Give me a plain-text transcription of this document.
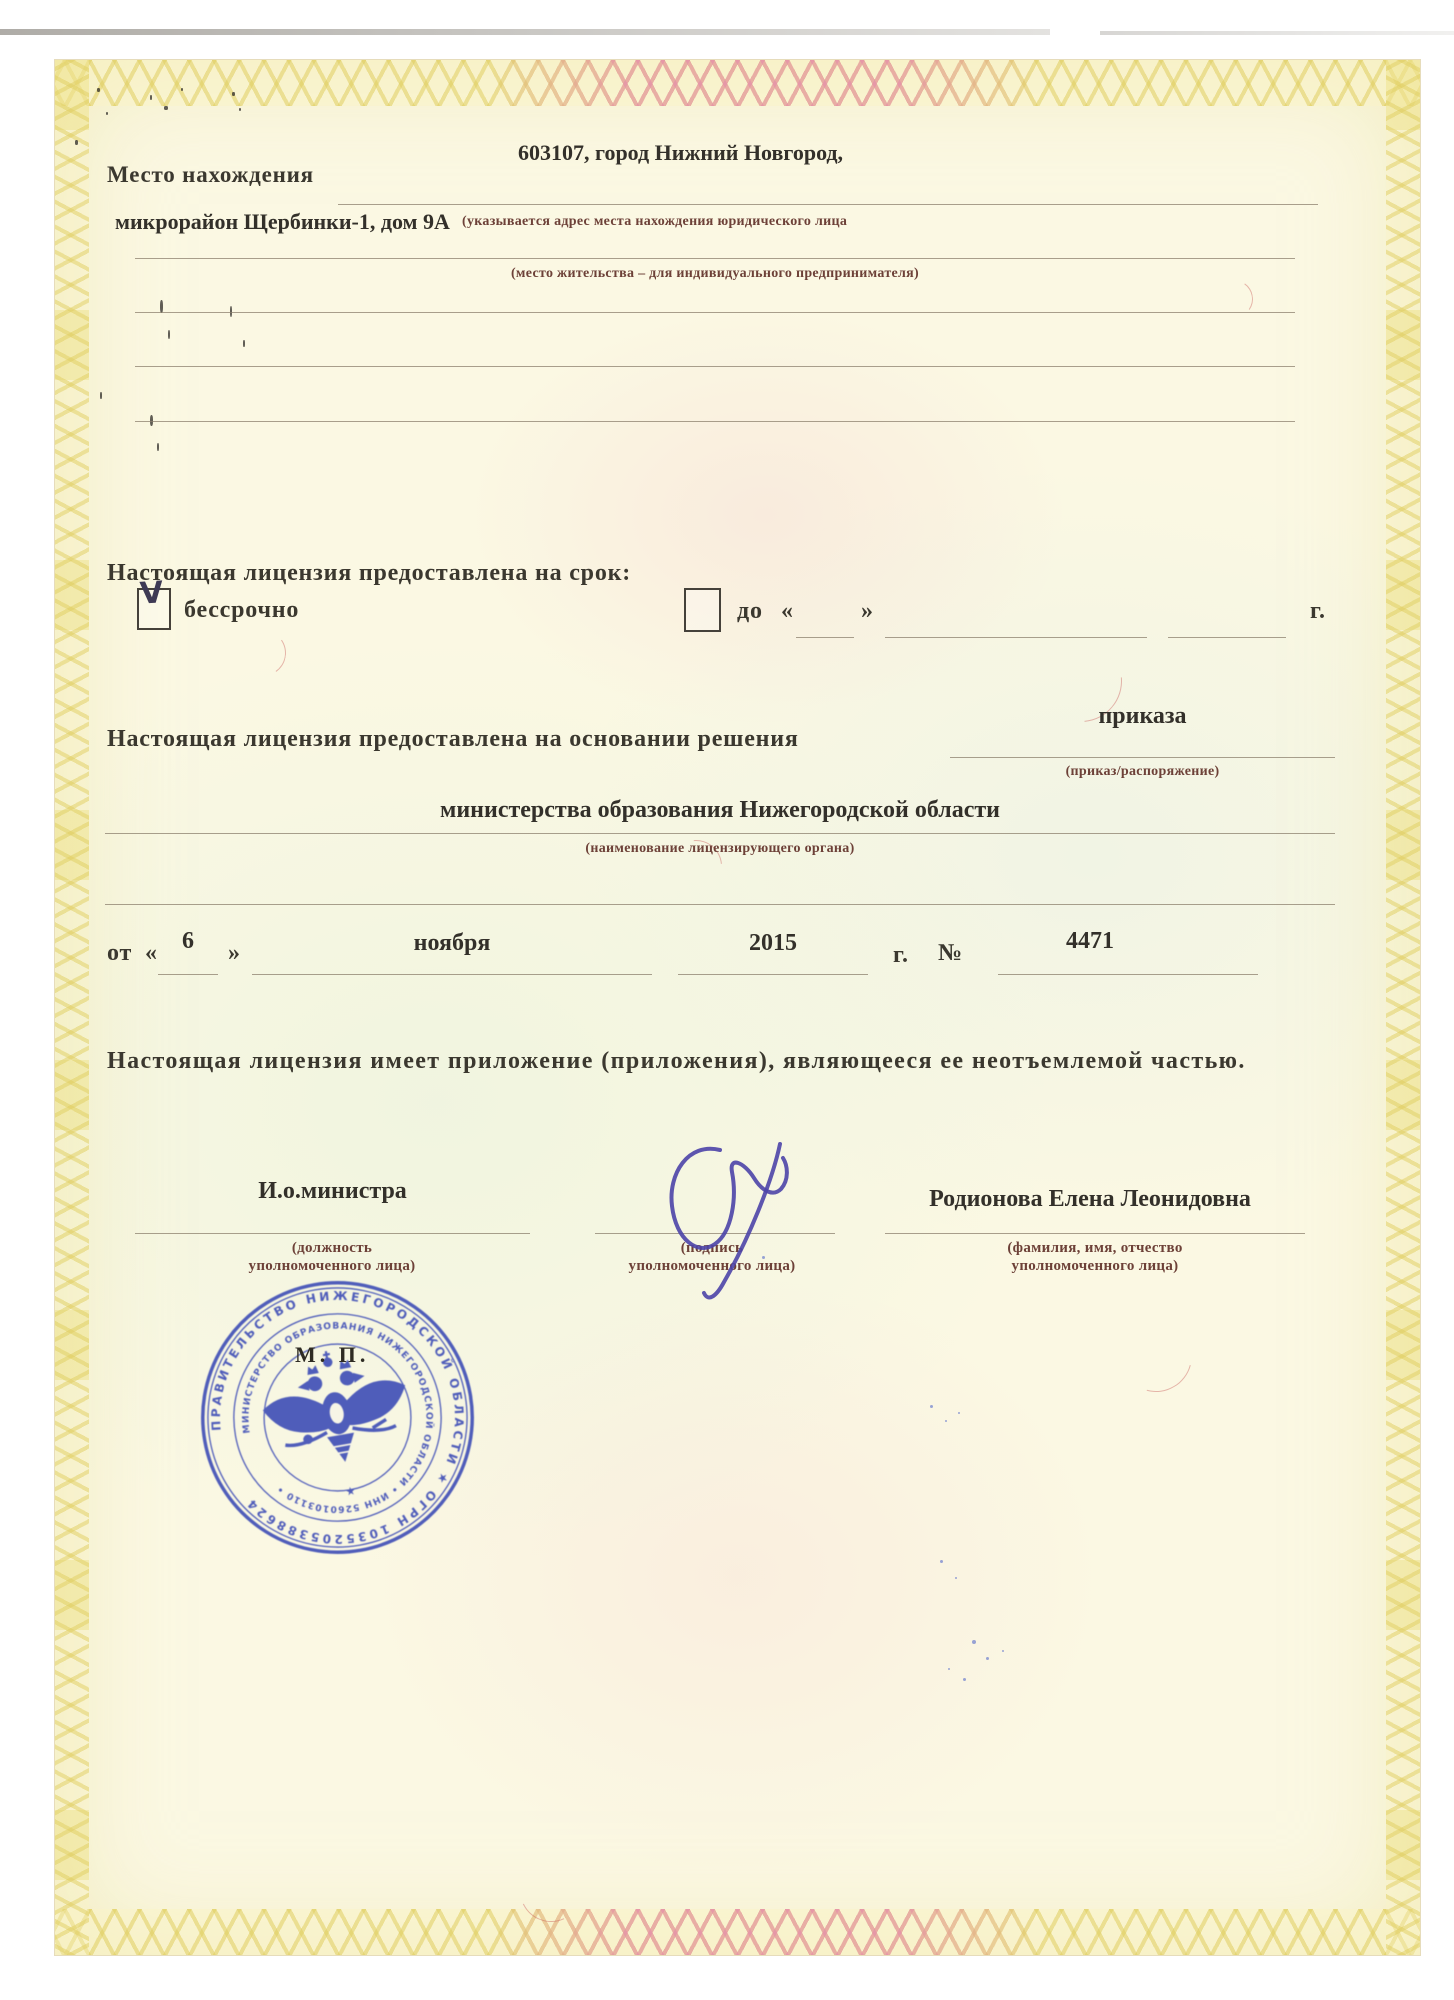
603107, город Нижний Новгород,
Место нахождения
микрорайон Щербинки-1, дом 9А (указывается адрес места нахождения юридического лица
(место жительства – для индивидуального предпринимателя)
Настоящая лицензия предоставлена на срок:
V бессрочно	до «	»	г.
Настоящая лицензия предоставлена на основании решения
приказа
(приказ/распоряжение)
министерства образования Нижегородской области
(наименование лицензирующего органа)
от «	6	»	ноября	2015	г. №	4471
Настоящая лицензия имеет приложение (приложения), являющееся ее неотъемлемой частью.
И.о.министра	Родионова Елена Леонидовна
(должность
уполномоченного лица)
(подпись
уполномоченного лица)
(фамилия, имя, отчество
уполномоченного лица)
ПРАВИТЕЛЬСТВО НИЖЕГОРОДСКОЙ ОБЛАСТИ ★ ОГРН 1035205388624
МИНИСТЕРСТВО ОБРАЗОВАНИЯ НИЖЕГОРОДСКОЙ ОБЛАСТИ • ИНН 5260103110 •	★
М. П.
